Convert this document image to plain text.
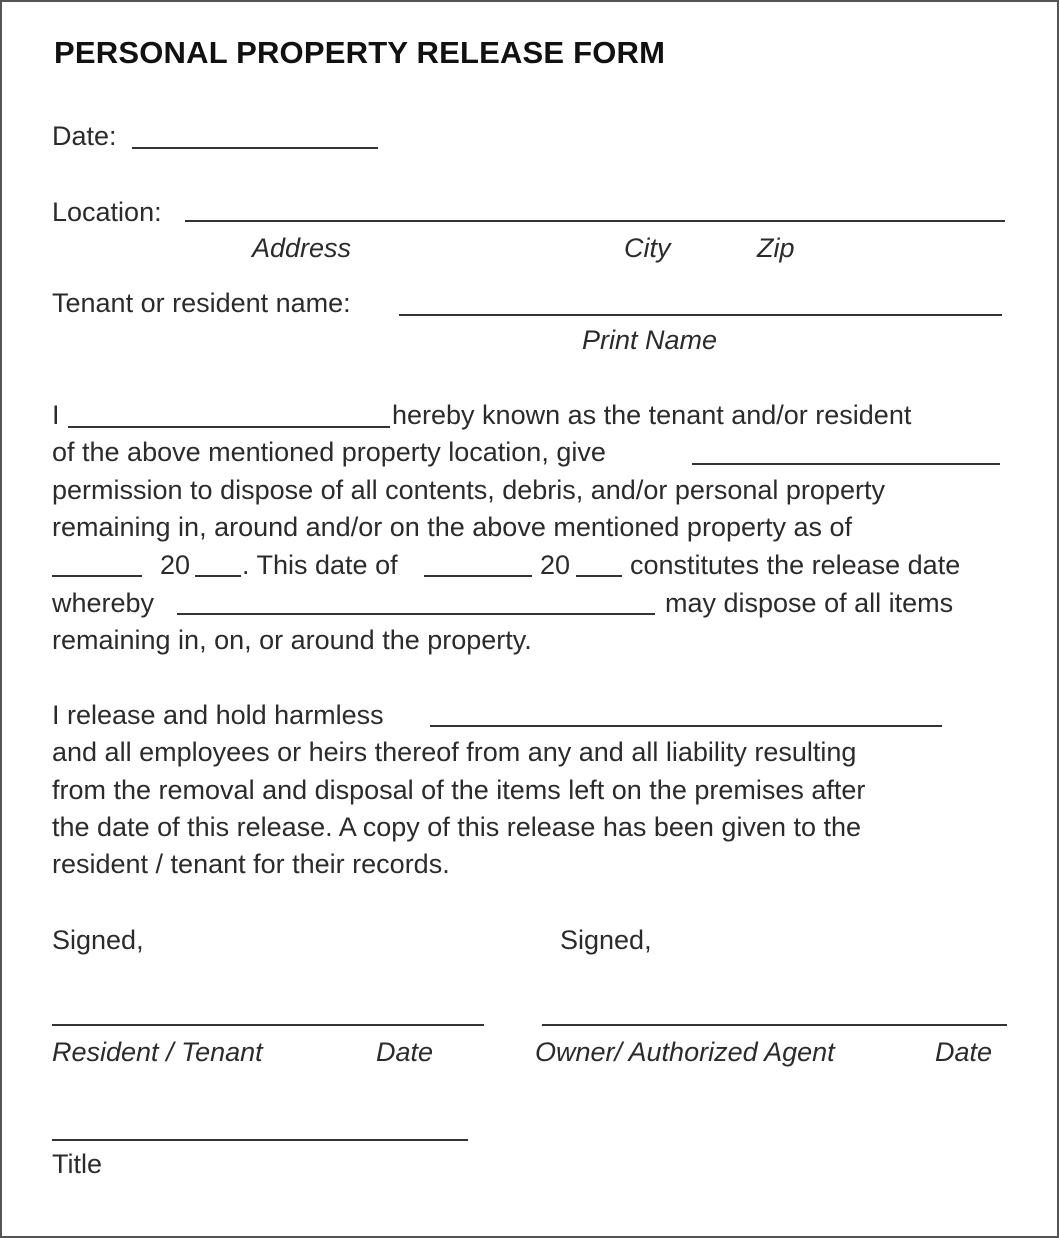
PERSONAL PROPERTY RELEASE FORM
Date:
Location:
Address	City	Zip
Tenant or resident name:
Print Name
I	hereby known as the tenant and/or resident
of the above mentioned property location, give
permission to dispose of all contents, debris, and/or personal property
remaining in, around and/or on the above mentioned property as of
20 . This date of	20 constitutes the release date
whereby	may dispose of all items
remaining in, on, or around the property.
I release and hold harmless
and all employees or heirs thereof from any and all liability resulting
from the removal and disposal of the items left on the premises after
the date of this release. A copy of this release has been given to the
resident / tenant for their records.
Signed,	Signed,
Resident / Tenant	Date	Owner/ Authorized Agent	Date
Title
